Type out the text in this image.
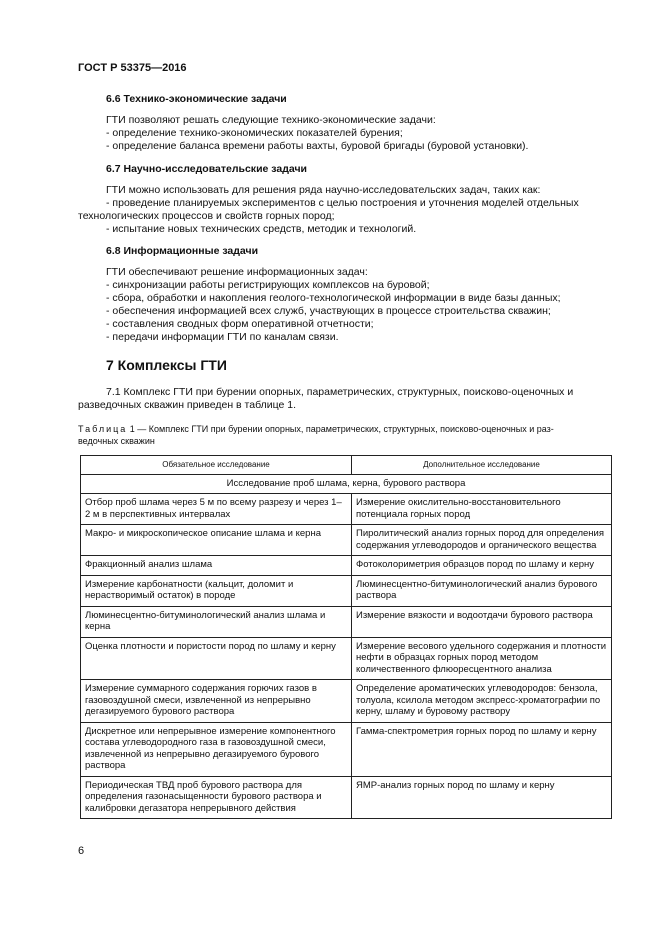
ГОСТ Р 53375—2016
6.6 Технико-экономические задачи
ГТИ позволяют решать следующие технико-экономические задачи:
- определение технико-экономических показателей бурения;
- определение баланса времени работы вахты, буровой бригады (буровой установки).
6.7 Научно-исследовательские задачи
ГТИ можно использовать для решения ряда научно-исследовательских задач, таких как:
- проведение планируемых экспериментов с целью построения и уточнения моделей отдельных
технологических процессов и свойств горных пород;
- испытание новых технических средств, методик и технологий.
6.8 Информационные задачи
ГТИ обеспечивают решение информационных задач:
- синхронизации работы регистрирующих комплексов на буровой;
- сбора, обработки и накопления геолого-технологической информации в виде базы данных;
- обеспечения информацией всех служб, участвующих в процессе строительства скважин;
- составления сводных форм оперативной отчетности;
- передачи информации ГТИ по каналам связи.
7 Комплексы ГТИ
7.1 Комплекс ГТИ при бурении опорных, параметрических, структурных, поисково-оценочных и
разведочных скважин приведен в таблице 1.
Таблица 1 — Комплекс ГТИ при бурении опорных, параметрических, структурных, поисково-оценочных и раз-
ведочных скважин
Обязательное исследование	Дополнительное исследование
Исследование проб шлама, керна, бурового раствора	
Отбор проб шлама через 5 м по всему разрезу и через 1–2 м в перспективных интервалах	Измерение окислительно-восстановительного потенциала горных пород
Макро- и микроскопическое описание шлама и керна	Пиролитический анализ горных пород для определения содержания углеводородов и органического вещества
Фракционный анализ шлама	Фотоколориметрия образцов пород по шламу и керну
Измерение карбонатности (кальцит, доломит и нерастворимый остаток) в породе	Люминесцентно-битуминологический анализ бурового раствора
Люминесцентно-битуминологический анализ шлама и керна	Измерение вязкости и водоотдачи бурового раствора
Оценка плотности и пористости пород по шламу и керну	Измерение весового удельного содержания и плотности нефти в образцах горных пород методом количественного флюоресцентного анализа
Измерение суммарного содержания горючих газов в газовоздушной смеси, извлеченной из непрерывно дегазируемого бурового раствора	Определение ароматических углеводородов: бензола, толуола, ксилола методом экспресс-хроматографии по керну, шламу и буровому раствору
Дискретное или непрерывное измерение компонентного состава углеводородного газа в газовоздушной смеси, извлеченной из непрерывно дегазируемого бурового раствора	Гамма-спектрометрия горных пород по шламу и керну
Периодическая ТВД проб бурового раствора для определения газонасыщенности бурового раствора и калибровки дегазатора непрерывного действия	ЯМР-анализ горных пород по шламу и керну
6
